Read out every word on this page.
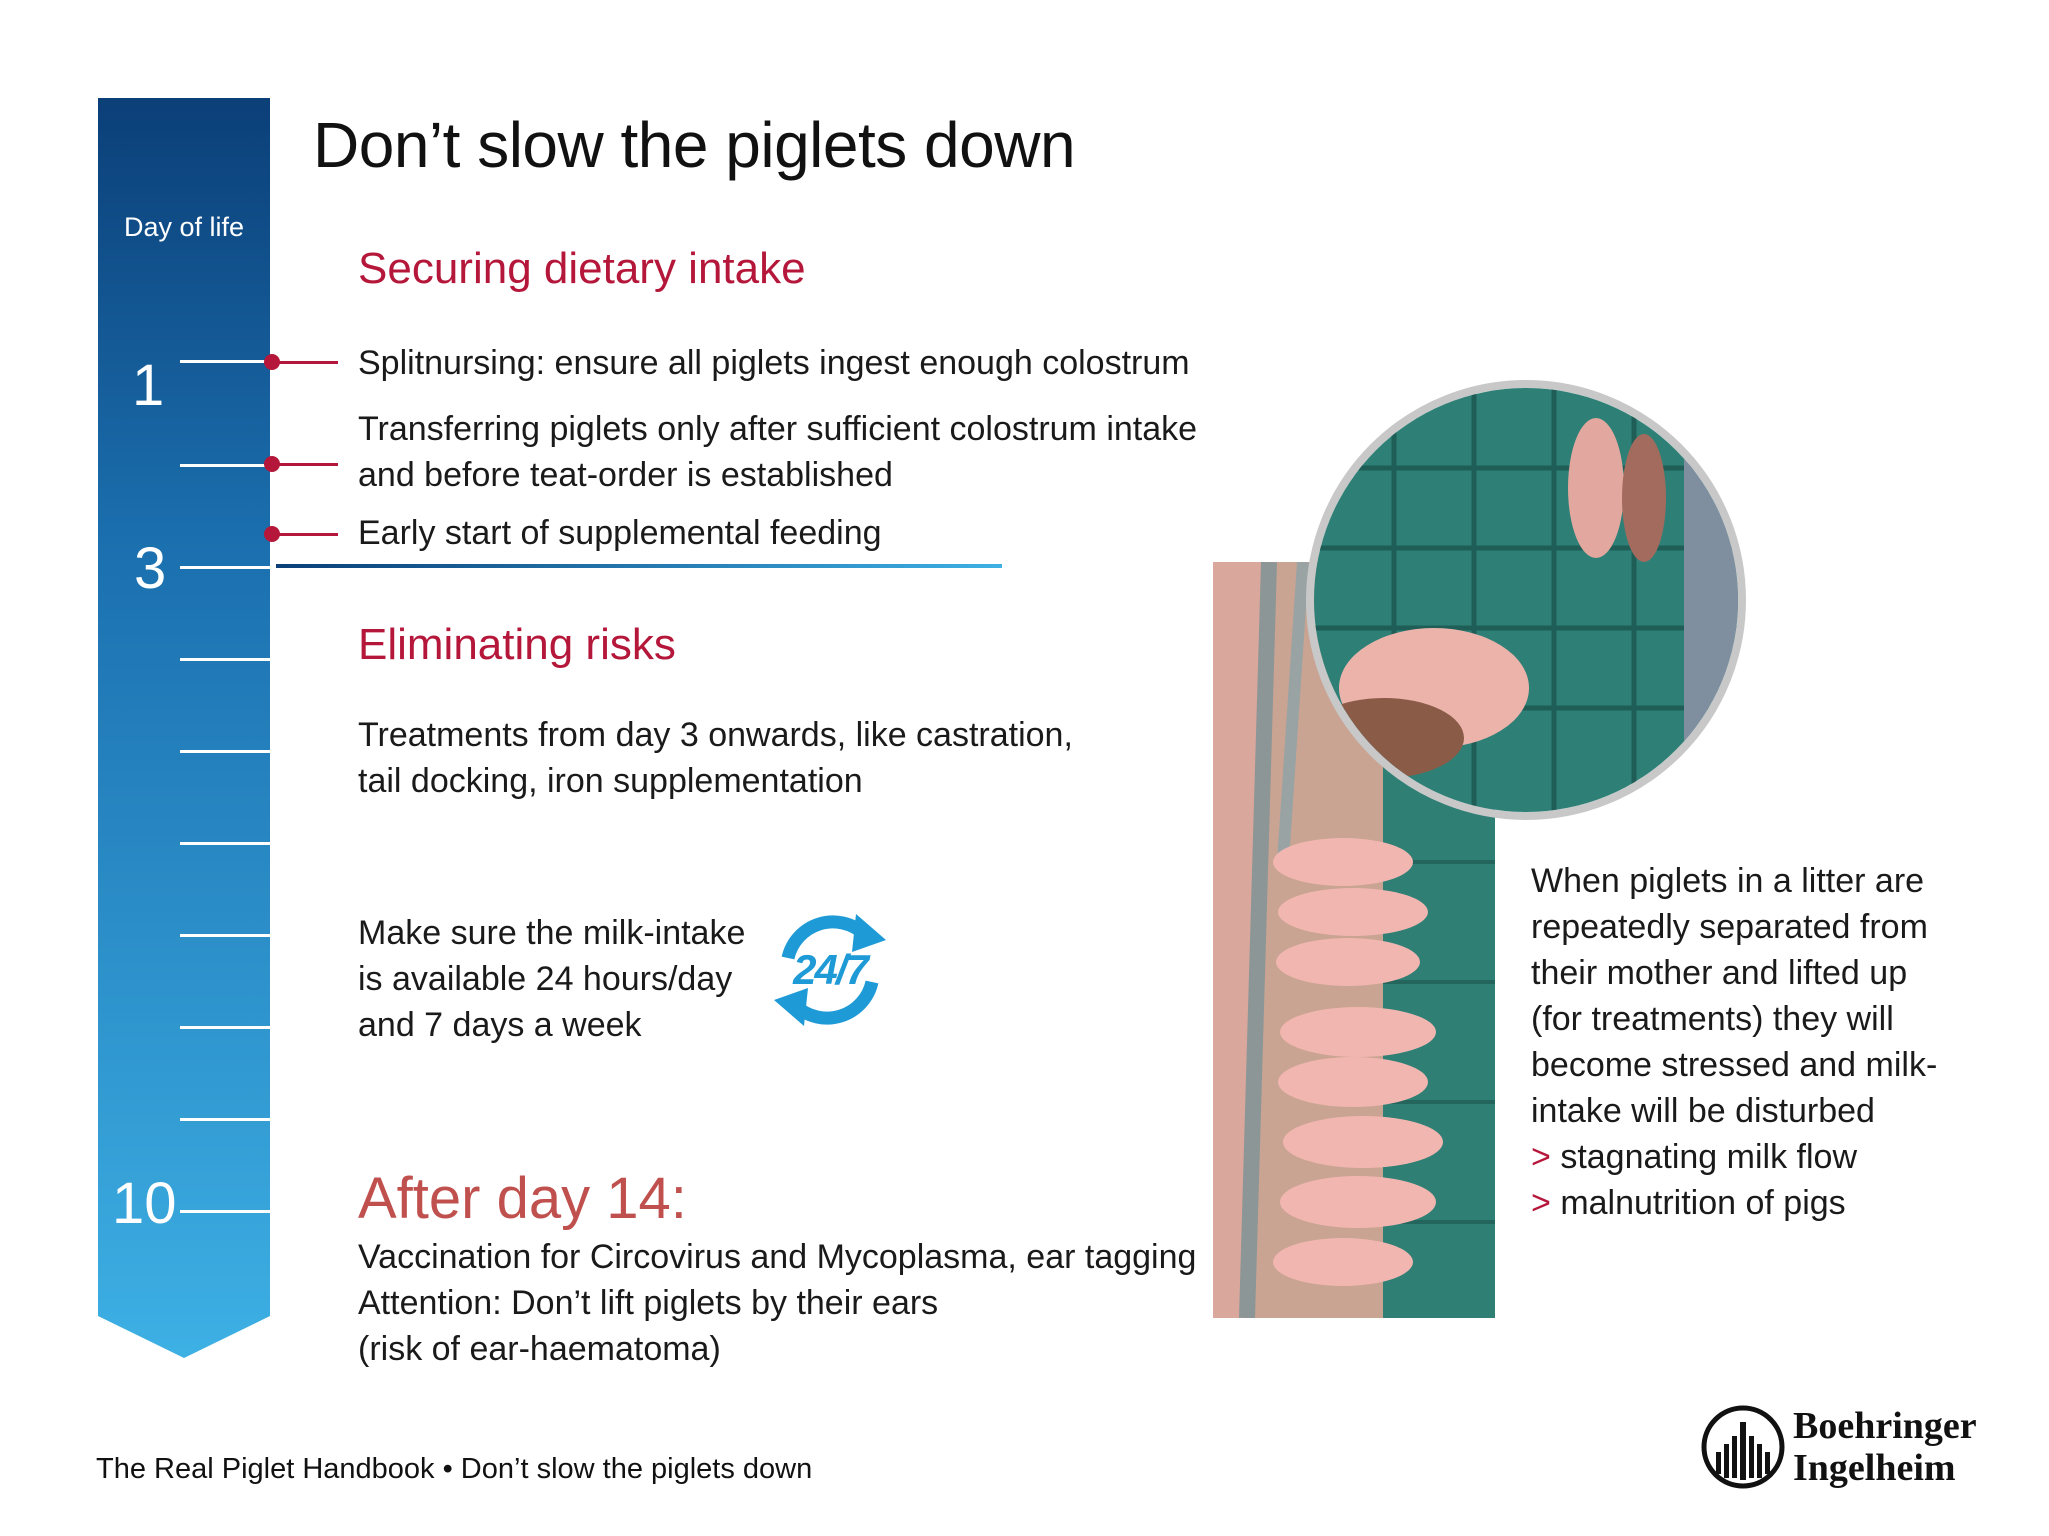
Day of life
1
3
10
Don’t slow the piglets down
Securing dietary intake
Splitnursing: ensure all piglets ingest enough colostrum
Transferring piglets only after sufficient colostrum intake
and before teat-order is established
Early start of supplemental feeding
Eliminating risks
Treatments from day 3 onwards, like castration,
tail docking, iron supplementation
Make sure the milk-intake
is available 24 hours/day
and 7 days a week
24/7
After day 14:
Vaccination for Circovirus and Mycoplasma, ear tagging
Attention: Don’t lift piglets by their ears
(risk of ear-haematoma)
When piglets in a litter are
repeatedly separated from
their mother and lifted up
(for treatments) they will
become stressed and milk-
intake will be disturbed
> stagnating milk flow
> malnutrition of pigs
The Real Piglet Handbook • Don’t slow the piglets down
Boehringer
Ingelheim
